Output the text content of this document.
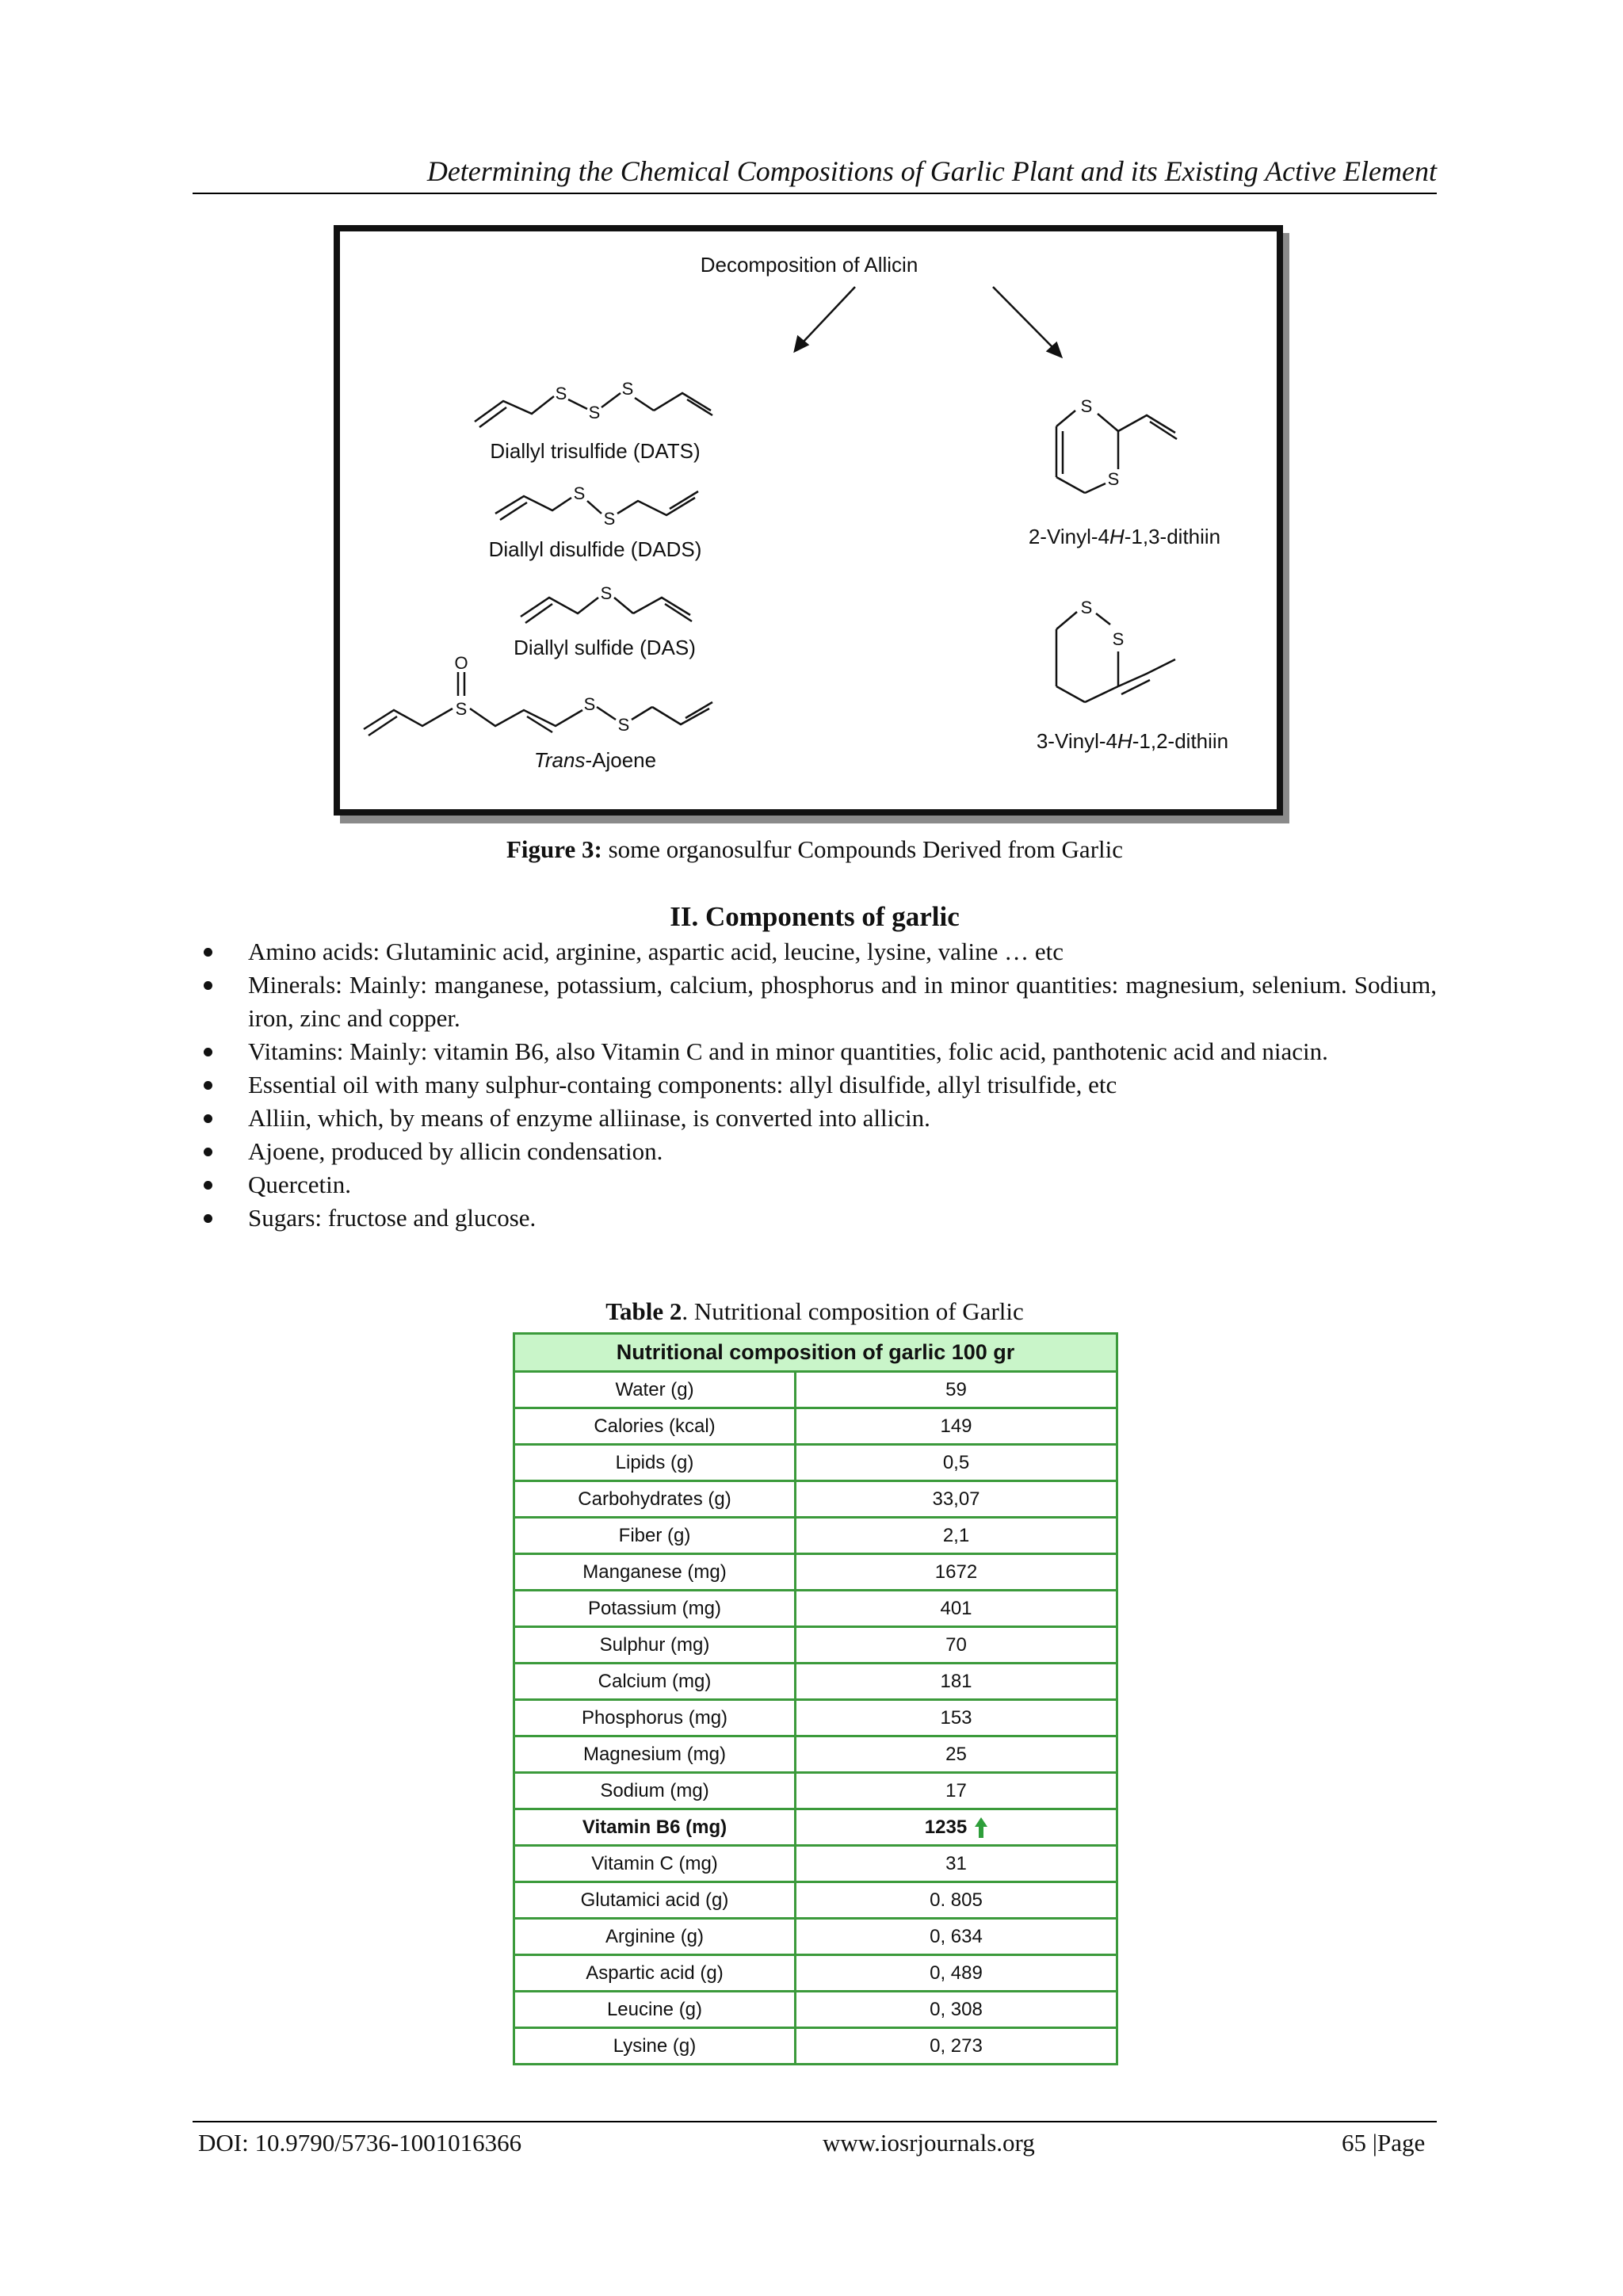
Determining the Chemical Compositions of Garlic Plant and its Existing Active Element
Decomposition of Allicin
S
S
S
Diallyl trisulfide (DATS)
S
S
Diallyl disulfide (DADS)
S
Diallyl sulfide (DAS)
O
S	S
S
Trans-Ajoene
S
S
2-Vinyl-4H-1,3-dithiin
S
S
3-Vinyl-4H-1,2-dithiin
Figure 3: some organosulfur Compounds Derived from Garlic
II. Components of garlic
Amino acids: Glutaminic acid, arginine, aspartic acid, leucine, lysine, valine … etc
Minerals: Mainly: manganese, potassium, calcium, phosphorus and in minor quantities: magnesium, selenium. Sodium, iron, zinc and copper.
Vitamins: Mainly: vitamin B6, also Vitamin C and in minor quantities, folic acid, panthotenic acid and niacin.
Essential oil with many sulphur-containg components: allyl disulfide, allyl trisulfide, etc
Alliin, which, by means of enzyme alliinase, is converted into allicin.
Ajoene, produced by allicin condensation.
Quercetin.
Sugars: fructose and glucose.
Table 2. Nutritional composition of Garlic
Nutritional composition of garlic 100 gr	
Water (g)	59
Calories (kcal)	149
Lipids (g)	0,5
Carbohydrates (g)	33,07
Fiber (g)	2,1
Manganese (mg)	1672
Potassium (mg)	401
Sulphur (mg)	70
Calcium (mg)	181
Phosphorus (mg)	153
Magnesium (mg)	25
Sodium (mg)	17
Vitamin B6 (mg)	1235
Vitamin C (mg)	31
Glutamici acid (g)	0. 805
Arginine (g)	0, 634
Aspartic acid (g)	0, 489
Leucine (g)	0, 308
Lysine (g)	0, 273
DOI: 10.9790/5736-1001016366	www.iosrjournals.org	65 |Page
